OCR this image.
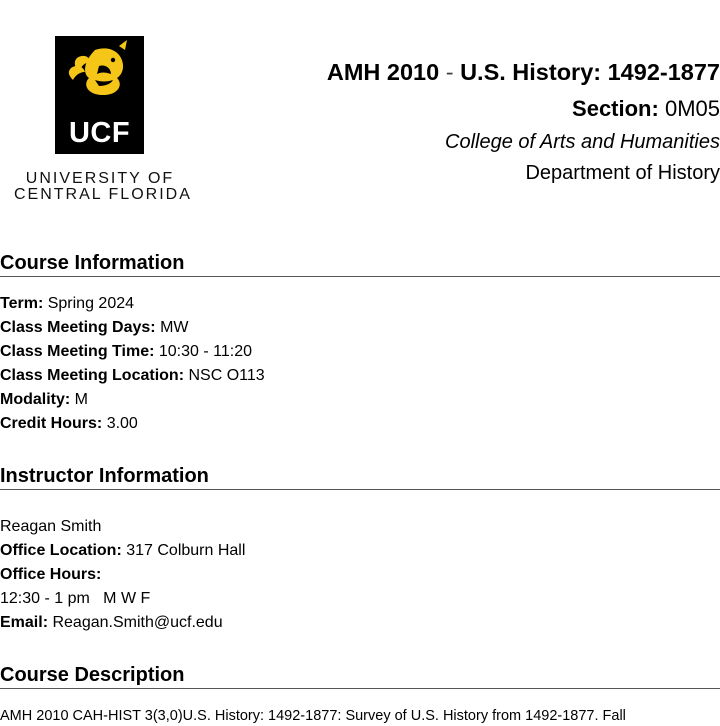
UCF
UNIVERSITY OF
CENTRAL FLORIDA
AMH 2010 - U.S. History: 1492-1877
Section: 0M05
College of Arts and Humanities
Department of History
Course Information
Term: Spring 2024
Class Meeting Days: MW
Class Meeting Time: 10:30 - 11:20
Class Meeting Location: NSC O113
Modality: M
Credit Hours: 3.00
Instructor Information
Reagan Smith
Office Location: 317 Colburn Hall
Office Hours:
12:30 - 1 pm   M W F
Email: Reagan.Smith@ucf.edu
Course Description
AMH 2010 CAH-HIST 3(3,0)U.S. History: 1492-1877: Survey of U.S. History from 1492-1877. Fall
